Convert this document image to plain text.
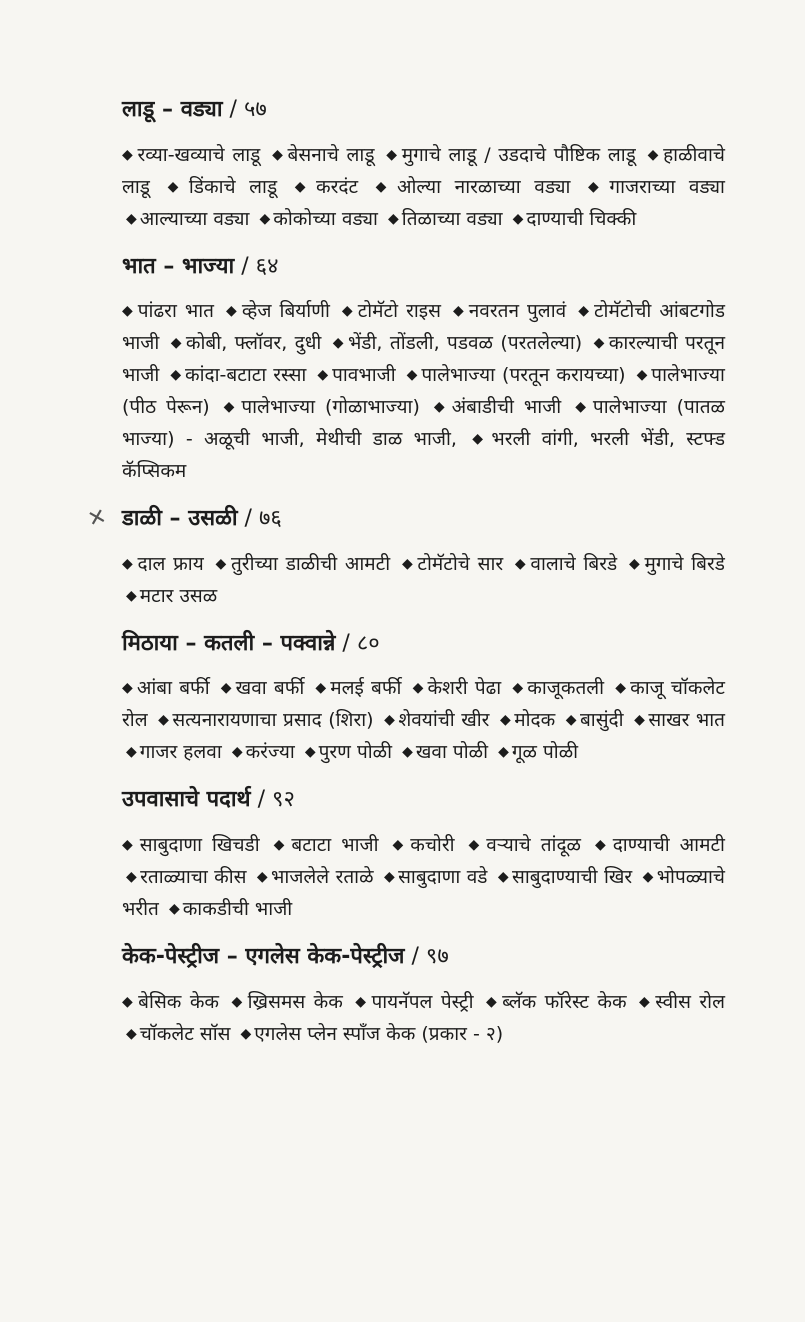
लाडू – वड्या / ५७
◆ रव्या-खव्याचे लाडू ◆ बेसनाचे लाडू ◆ मुगाचे लाडू / उडदाचे पौष्टिक लाडू ◆ हाळीवाचे लाडू ◆ डिंकाचे लाडू ◆ करदंट ◆ ओल्या नारळाच्या वड्या ◆ गाजराच्या वड्या ◆ आल्याच्या वड्या ◆ कोकोच्या वड्या ◆ तिळाच्या वड्या ◆ दाण्याची चिक्की
भात – भाज्या / ६४
◆ पांढरा भात ◆ व्हेज बिर्याणी ◆ टोमॅटो राइस ◆ नवरतन पुलावं ◆ टोमॅटोची आंबटगोड भाजी ◆ कोबी, फ्लॉवर, दुधी ◆ भेंडी, तोंडली, पडवळ (परतलेल्या) ◆ कारल्याची परतून भाजी ◆ कांदा-बटाटा रस्सा ◆ पावभाजी ◆ पालेभाज्या (परतून करायच्या) ◆ पालेभाज्या (पीठ पेरून) ◆ पालेभाज्या (गोळाभाज्या) ◆ अंबाडीची भाजी ◆ पालेभाज्या (पातळ भाज्या) - अळूची भाजी, मेथीची डाळ भाजी, ◆ भरली वांगी, भरली भेंडी, स्टफ्ड कॅप्सिकम
डाळी – उसळी / ७६
◆ दाल फ्राय ◆ तुरीच्या डाळीची आमटी ◆ टोमॅटोचे सार ◆ वालाचे बिरडे ◆ मुगाचे बिरडे ◆ मटार उसळ
मिठाया – कतली – पक्वान्ने / ८०
◆ आंबा बर्फी ◆ खवा बर्फी ◆ मलई बर्फी ◆ केशरी पेढा ◆ काजूकतली ◆ काजू चॉकलेट रोल ◆ सत्यनारायणाचा प्रसाद (शिरा) ◆ शेवयांची खीर ◆ मोदक ◆ बासुंदी ◆ साखर भात ◆ गाजर हलवा ◆ करंज्या ◆ पुरण पोळी ◆ खवा पोळी ◆ गूळ पोळी
उपवासाचे पदार्थ / ९२
◆ साबुदाणा खिचडी ◆ बटाटा भाजी ◆ कचोरी ◆ वऱ्याचे तांदूळ ◆ दाण्याची आमटी ◆ रताळ्याचा कीस ◆ भाजलेले रताळे ◆ साबुदाणा वडे ◆ साबुदाण्याची खिर ◆ भोपळ्याचे भरीत ◆ काकडीची भाजी
केक-पेस्ट्रीज – एगलेस केक-पेस्ट्रीज / ९७
◆ बेसिक केक ◆ ख्रिसमस केक ◆ पायनॅपल पेस्ट्री ◆ ब्लॅक फॉरेस्ट केक ◆ स्वीस रोल ◆ चॉकलेट सॉस ◆ एगलेस प्लेन स्पाँज केक (प्रकार - २)
✕
